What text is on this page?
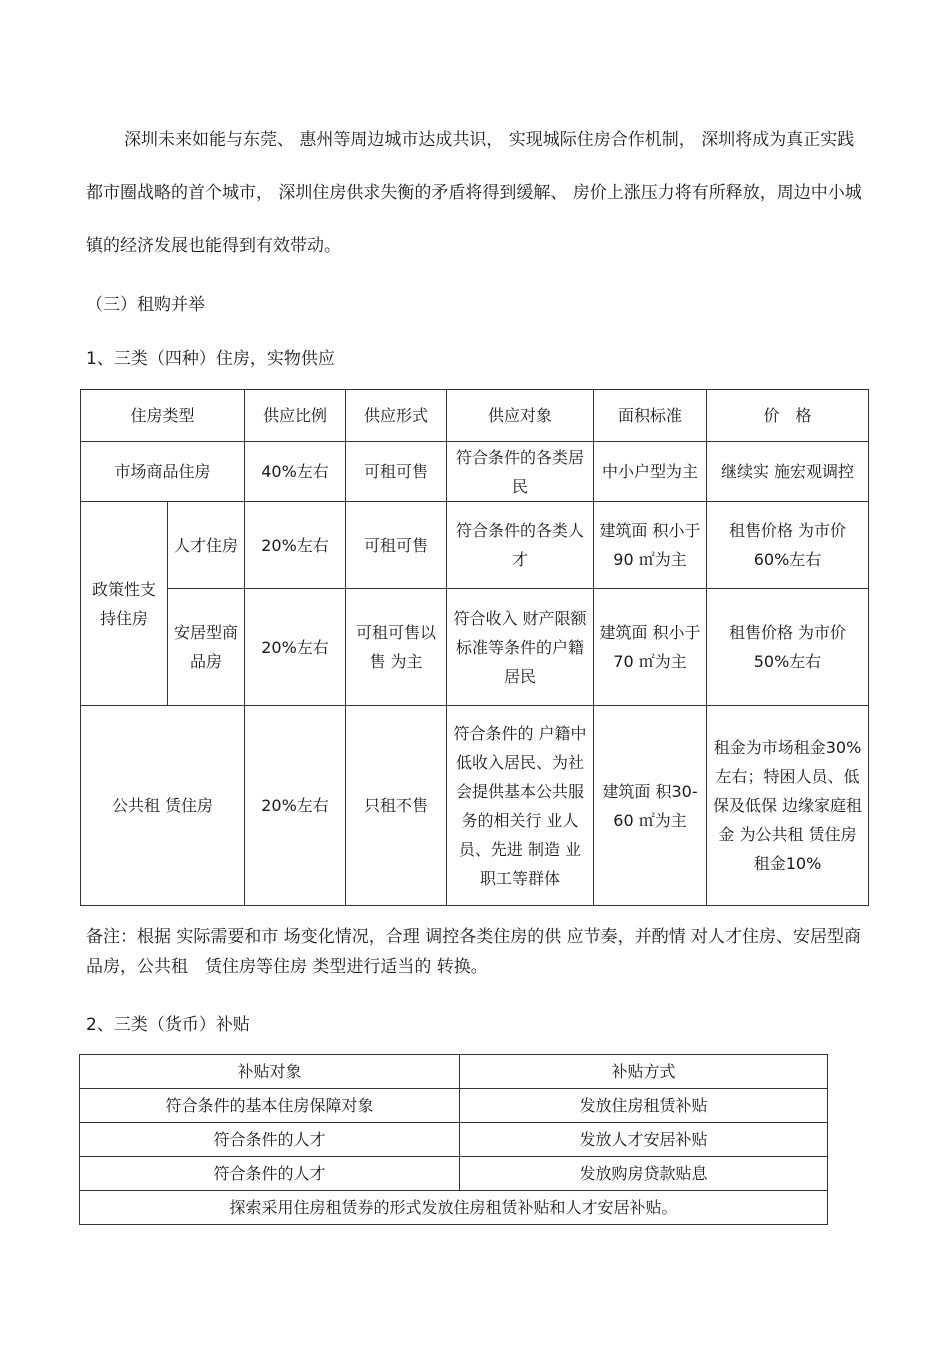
深圳未来如能与东莞、 惠州等周边城市达成共识， 实现城际住房合作机制， 深圳将成为真正实践都市圈战略的首个城市， 深圳住房供求失衡的矛盾将得到缓解、 房价上涨压力将有所释放，周边中小城镇的经济发展也能得到有效带动。

（三）租购并举

1、三类（四种）住房，实物供应

住房类型		供应比例	供应形式	供应对象	面积标准	价　格
市场商品住房		40%左右	可租可售	符合条件的各类居民	中小户型为主	继续实 施宏观调控
政策性支持住房	人才住房	20%左右	可租可售	符合条件的各类人才	建筑面 积小于90 ㎡为主	租售价格 为市价 60%左右
	安居型商品房	20%左右	可租可售以售 为主	符合收入 财产限额标准等条件的户籍居民	建筑面 积小于70 ㎡为主	租售价格 为市价 50%左右
公共租 赁住房		20%左右	只租不售	符合条件的 户籍中低收入居民、为社会提供基本公共服 务的相关行 业人员、先进 制造 业职工等群体	建筑面 积30-60 ㎡为主	租金为市场租金30%左右；特困人员、低保及低保 边缘家庭租金 为公共租 赁住房租金10%

备注：根据 实际需要和市 场变化情况，合理 调控各类住房的供 应节奏，并酌情 对人才住房、安居型商品房，公共租　赁住房等住房 类型进行适当的 转换。

2、三类（货币）补贴

补贴对象	补贴方式
符合条件的基本住房保障对象	发放住房租赁补贴
符合条件的人才	发放人才安居补贴
符合条件的人才	发放购房贷款贴息
探索采用住房租赁券的形式发放住房租赁补贴和人才安居补贴。	
